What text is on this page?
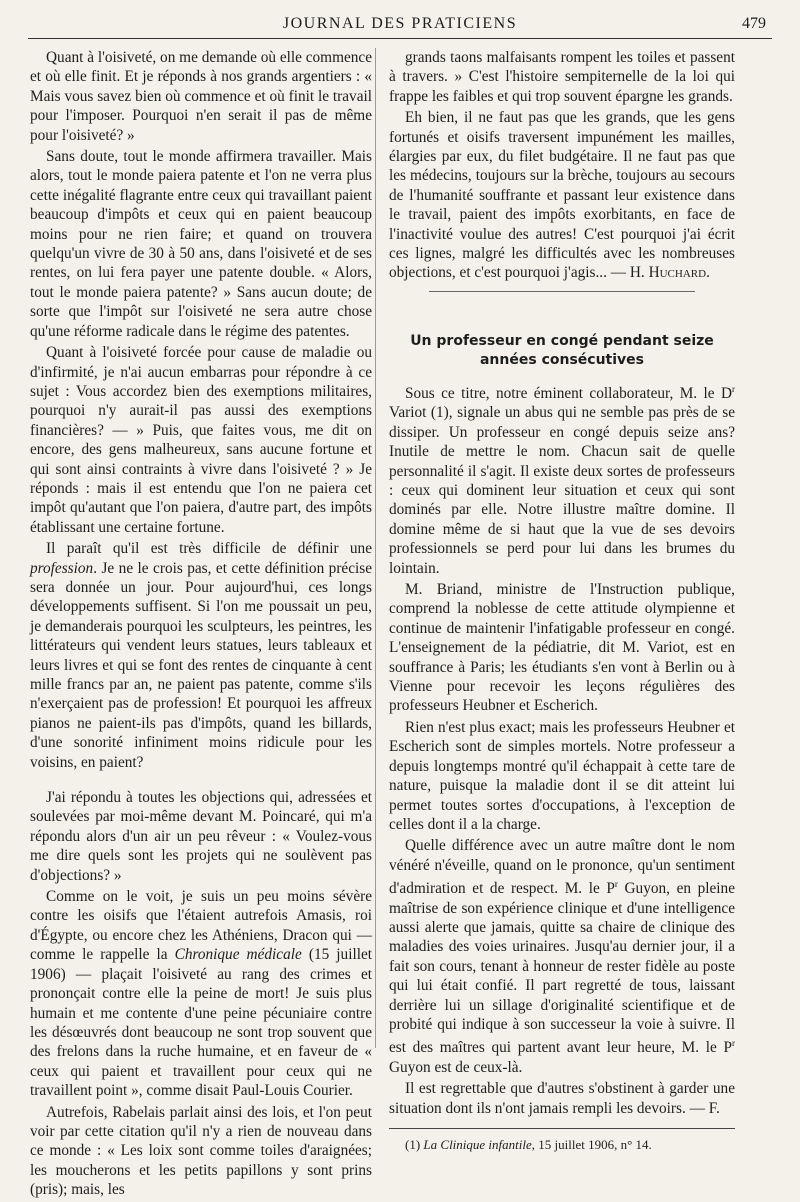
JOURNAL DES PRATICIENS	479

Quant à l'oisiveté, on me demande où elle commence et où elle finit. Et je réponds à nos grands argentiers : « Mais vous savez bien où commence et où finit le travail pour l'imposer. Pourquoi n'en serait il pas de même pour l'oisiveté? »

Sans doute, tout le monde affirmera travailler. Mais alors, tout le monde paiera patente et l'on ne verra plus cette inégalité flagrante entre ceux qui travaillant paient beaucoup d'impôts et ceux qui en paient beaucoup moins pour ne rien faire; et quand on trouvera quelqu'un vivre de 30 à 50 ans, dans l'oisiveté et de ses rentes, on lui fera payer une patente double. « Alors, tout le monde paiera patente? » Sans aucun doute; de sorte que l'impôt sur l'oisiveté ne sera autre chose qu'une réforme radicale dans le régime des patentes.

Quant à l'oisiveté forcée pour cause de maladie ou d'infirmité, je n'ai aucun embarras pour répondre à ce sujet : Vous accordez bien des exemptions militaires, pourquoi n'y aurait-il pas aussi des exemptions financières? — » Puis, que faites vous, me dit on encore, des gens malheureux, sans aucune fortune et qui sont ainsi contraints à vivre dans l'oisiveté ? » Je réponds : mais il est entendu que l'on ne paiera cet impôt qu'autant que l'on paiera, d'autre part, des impôts établissant une certaine fortune.

Il paraît qu'il est très difficile de définir une profession. Je ne le crois pas, et cette définition précise sera donnée un jour. Pour aujourd'hui, ces longs développements suffisent. Si l'on me poussait un peu, je demanderais pourquoi les sculpteurs, les peintres, les littérateurs qui vendent leurs statues, leurs tableaux et leurs livres et qui se font des rentes de cinquante à cent mille francs par an, ne paient pas patente, comme s'ils n'exerçaient pas de profession! Et pourquoi les affreux pianos ne paient-ils pas d'impôts, quand les billards, d'une sonorité infiniment moins ridicule pour les voisins, en paient?

J'ai répondu à toutes les objections qui, adressées et soulevées par moi-même devant M. Poincaré, qui m'a répondu alors d'un air un peu rêveur : « Voulez-vous me dire quels sont les projets qui ne soulèvent pas d'objections? »

Comme on le voit, je suis un peu moins sévère contre les oisifs que l'étaient autrefois Amasis, roi d'Égypte, ou encore chez les Athéniens, Dracon qui — comme le rappelle la Chronique médicale (15 juillet 1906) — plaçait l'oisiveté au rang des crimes et prononçait contre elle la peine de mort! Je suis plus humain et me contente d'une peine pécuniaire contre les désœuvrés dont beaucoup ne sont trop souvent que des frelons dans la ruche humaine, et en faveur de « ceux qui paient et travaillent pour ceux qui ne travaillent point », comme disait Paul-Louis Courier.

Autrefois, Rabelais parlait ainsi des lois, et l'on peut voir par cette citation qu'il n'y a rien de nouveau dans ce monde : « Les loix sont comme toiles d'araignées; les moucherons et les petits papillons y sont prins (pris); mais, les

grands taons malfaisants rompent les toiles et passent à travers. » C'est l'histoire sempiternelle de la loi qui frappe les faibles et qui trop souvent épargne les grands.

Eh bien, il ne faut pas que les grands, que les gens fortunés et oisifs traversent impunément les mailles, élargies par eux, du filet budgétaire. Il ne faut pas que les médecins, toujours sur la brèche, toujours au secours de l'humanité souffrante et passant leur existence dans le travail, paient des impôts exorbitants, en face de l'inactivité voulue des autres! C'est pourquoi j'ai écrit ces lignes, malgré les difficultés avec les nombreuses objections, et c'est pourquoi j'agis... — H. Huchard.

Un professeur en congé pendant seize années consécutives

Sous ce titre, notre éminent collaborateur, M. le $D^r$ Variot (1), signale un abus qui ne semble pas près de se dissiper. Un professeur en congé depuis seize ans? Inutile de mettre le nom. Chacun sait de quelle personnalité il s'agit. Il existe deux sortes de professeurs : ceux qui dominent leur situation et ceux qui sont dominés par elle. Notre illustre maître domine. Il domine même de si haut que la vue de ses devoirs professionnels se perd pour lui dans les brumes du lointain.

M. Briand, ministre de l'Instruction publique, comprend la noblesse de cette attitude olympienne et continue de maintenir l'infatigable professeur en congé. L'enseignement de la pédiatrie, dit M. Variot, est en souffrance à Paris; les étudiants s'en vont à Berlin ou à Vienne pour recevoir les leçons régulières des professeurs Heubner et Escherich.

Rien n'est plus exact; mais les professeurs Heubner et Escherich sont de simples mortels. Notre professeur a depuis longtemps montré qu'il échappait à cette tare de nature, puisque la maladie dont il se dit atteint lui permet toutes sortes d'occupations, à l'exception de celles dont il a la charge.

Quelle différence avec un autre maître dont le nom vénéré n'éveille, quand on le prononce, qu'un sentiment d'admiration et de respect. M. le $P^r$ Guyon, en pleine maîtrise de son expérience clinique et d'une intelligence aussi alerte que jamais, quitte sa chaire de clinique des maladies des voies urinaires. Jusqu'au dernier jour, il a fait son cours, tenant à honneur de rester fidèle au poste qui lui était confié. Il part regretté de tous, laissant derrière lui un sillage d'originalité scientifique et de probité qui indique à son successeur la voie à suivre. Il est des maîtres qui partent avant leur heure, M. le $P^r$ Guyon est de ceux-là.

Il est regrettable que d'autres s'obstinent à garder une situation dont ils n'ont jamais rempli les devoirs. — F.

(1) La Clinique infantile, 15 juillet 1906, n° 14.
